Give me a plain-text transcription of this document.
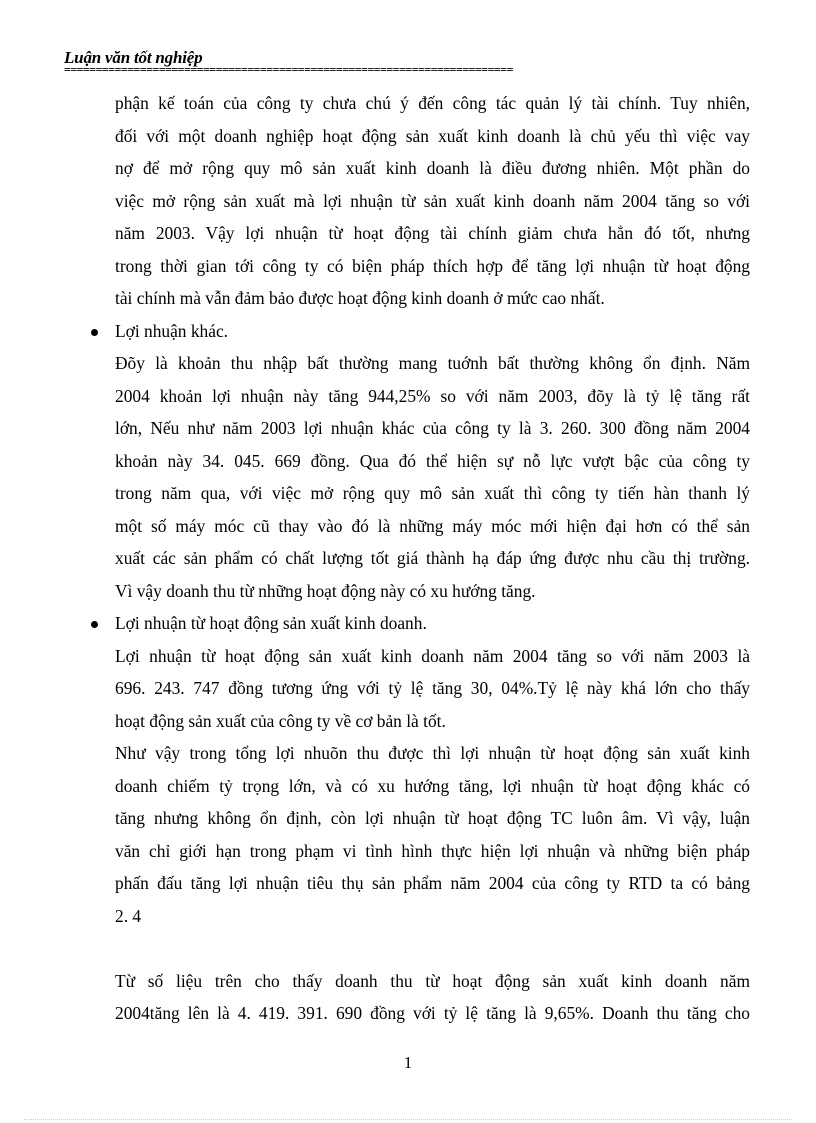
Luận văn tốt nghiệp
=======================================================================

phận kế toán của công ty chưa chú ý đến công tác quản lý tài chính. Tuy nhiên,

đối với một doanh nghiệp hoạt động sản xuất kinh doanh là chủ yếu thì việc vay

nợ để mở rộng quy mô sản xuất kinh doanh là điều đương nhiên. Một phần do

việc mở rộng sản xuất mà lợi nhuận từ sản xuất kinh doanh năm 2004 tăng so với

năm 2003. Vậy lợi nhuận từ hoạt động tài chính giảm chưa hẳn đó tốt, nhưng

trong thời gian tới công ty có biện pháp thích hợp để tăng lợi nhuận từ hoạt động

tài chính mà vẫn đảm bảo được hoạt động kinh doanh ở mức cao nhất.

Lợi nhuận khác.

Đõy là khoản thu nhập bất thường mang tuớnh bất thường không ổn định. Năm

2004 khoản lợi nhuận này tăng 944,25% so với năm 2003, đõy là tỷ lệ tăng rất

lớn, Nếu như năm 2003 lợi nhuận khác của công ty là 3. 260. 300 đồng năm 2004

khoản này 34. 045. 669 đồng. Qua đó thể hiện sự nỗ lực vượt bậc của công ty

trong năm qua, với việc mở rộng quy mô sản xuất thì công ty tiến hàn thanh lý

một số máy móc cũ thay vào đó là những máy móc mới hiện đại hơn có thể sản

xuất các sản phẩm có chất lượng tốt giá thành hạ đáp ứng được nhu cầu thị trường.

Vì vậy doanh thu từ những hoạt động này có xu hướng tăng.

Lợi nhuận từ hoạt động sản xuất kinh doanh.

Lợi nhuận từ hoạt động sản xuất kinh doanh năm 2004 tăng so với năm 2003 là

696. 243. 747 đồng tương ứng với tỷ lệ tăng 30, 04%.Tỷ lệ này khá lớn cho thấy

hoạt động sản xuất của công ty về cơ bản là tốt.

Như vậy trong tổng lợi nhuõn thu được thì lợi nhuận từ hoạt động sản xuất kinh

doanh chiếm tỷ trọng lớn, và có xu hướng tăng, lợi nhuận từ hoạt động khác có

tăng nhưng không ổn định, còn lợi nhuận từ hoạt động TC luôn âm. Vì vậy, luận

văn chỉ giới hạn trong phạm vi tình hình thực hiện lợi nhuận và những biện pháp

phấn đấu tăng lợi nhuận tiêu thụ sản phẩm năm 2004 của công ty RTD ta có bảng

2. 4

Từ số liệu trên cho thấy doanh thu từ hoạt động sản xuất kinh doanh năm

2004tăng lên là 4. 419. 391. 690 đồng với tỷ lệ tăng là 9,65%. Doanh thu tăng cho

1
